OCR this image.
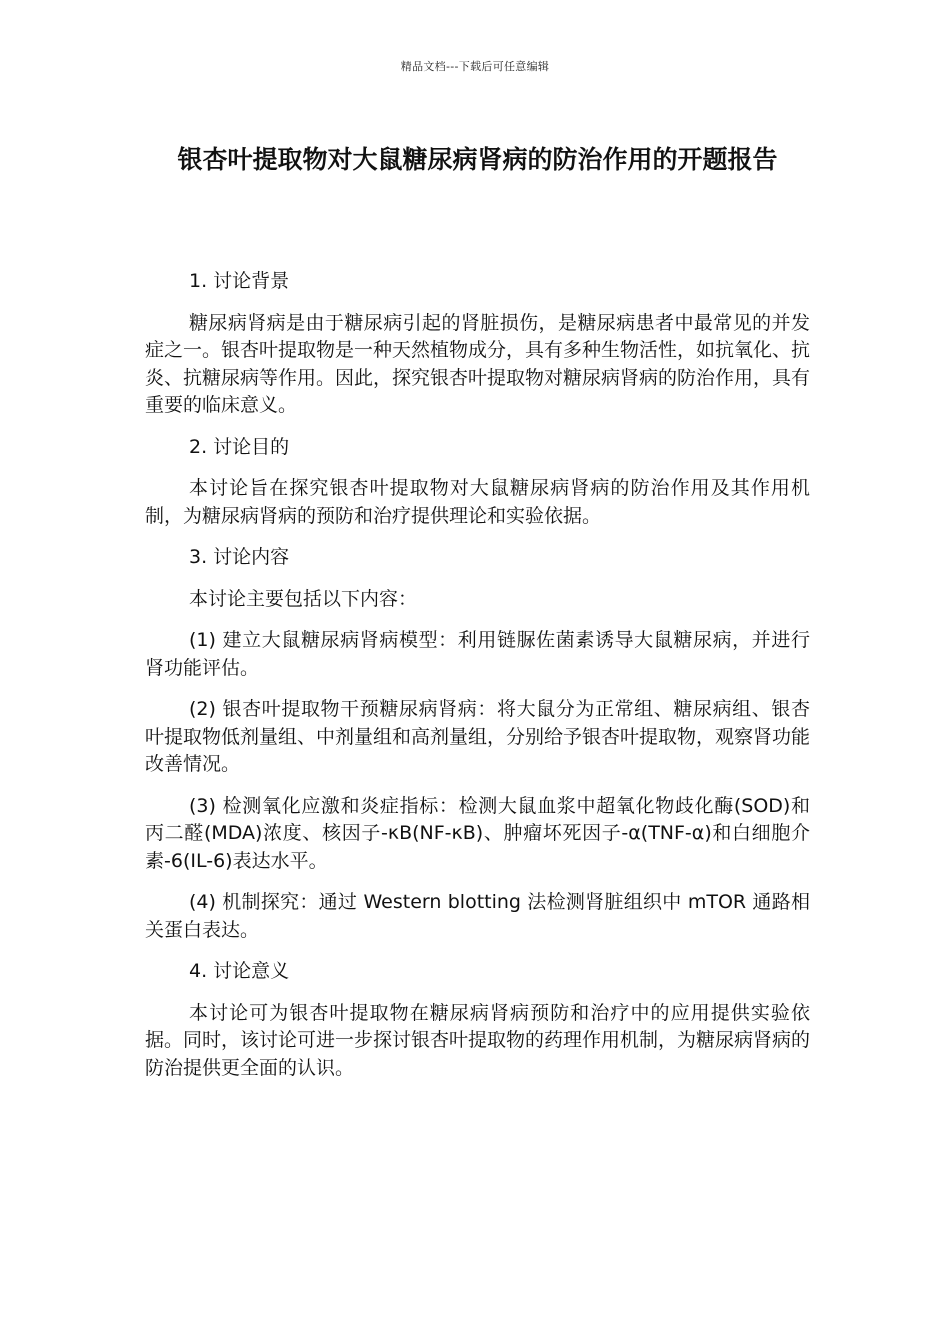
精品文档---下载后可任意编辑
银杏叶提取物对大鼠糖尿病肾病的防治作用的开题报告

1. 讨论背景

糖尿病肾病是由于糖尿病引起的肾脏损伤，是糖尿病患者中最常见的并发症之一。银杏叶提取物是一种天然植物成分，具有多种生物活性，如抗氧化、抗炎、抗糖尿病等作用。因此，探究银杏叶提取物对糖尿病肾病的防治作用，具有重要的临床意义。

2. 讨论目的

本讨论旨在探究银杏叶提取物对大鼠糖尿病肾病的防治作用及其作用机制，为糖尿病肾病的预防和治疗提供理论和实验依据。

3. 讨论内容

本讨论主要包括以下内容：

(1) 建立大鼠糖尿病肾病模型：利用链脲佐菌素诱导大鼠糖尿病，并进行肾功能评估。

(2) 银杏叶提取物干预糖尿病肾病：将大鼠分为正常组、糖尿病组、银杏叶提取物低剂量组、中剂量组和高剂量组，分别给予银杏叶提取物，观察肾功能改善情况。

(3) 检测氧化应激和炎症指标：检测大鼠血浆中超氧化物歧化酶(SOD)和丙二醛(MDA)浓度、核因子-κB(NF-κB)、肿瘤坏死因子-α(TNF-α)和白细胞介素-6(IL-6)表达水平。

(4) 机制探究：通过 Western blotting 法检测肾脏组织中 mTOR 通路相关蛋白表达。

4. 讨论意义

本讨论可为银杏叶提取物在糖尿病肾病预防和治疗中的应用提供实验依据。同时，该讨论可进一步探讨银杏叶提取物的药理作用机制，为糖尿病肾病的防治提供更全面的认识。
